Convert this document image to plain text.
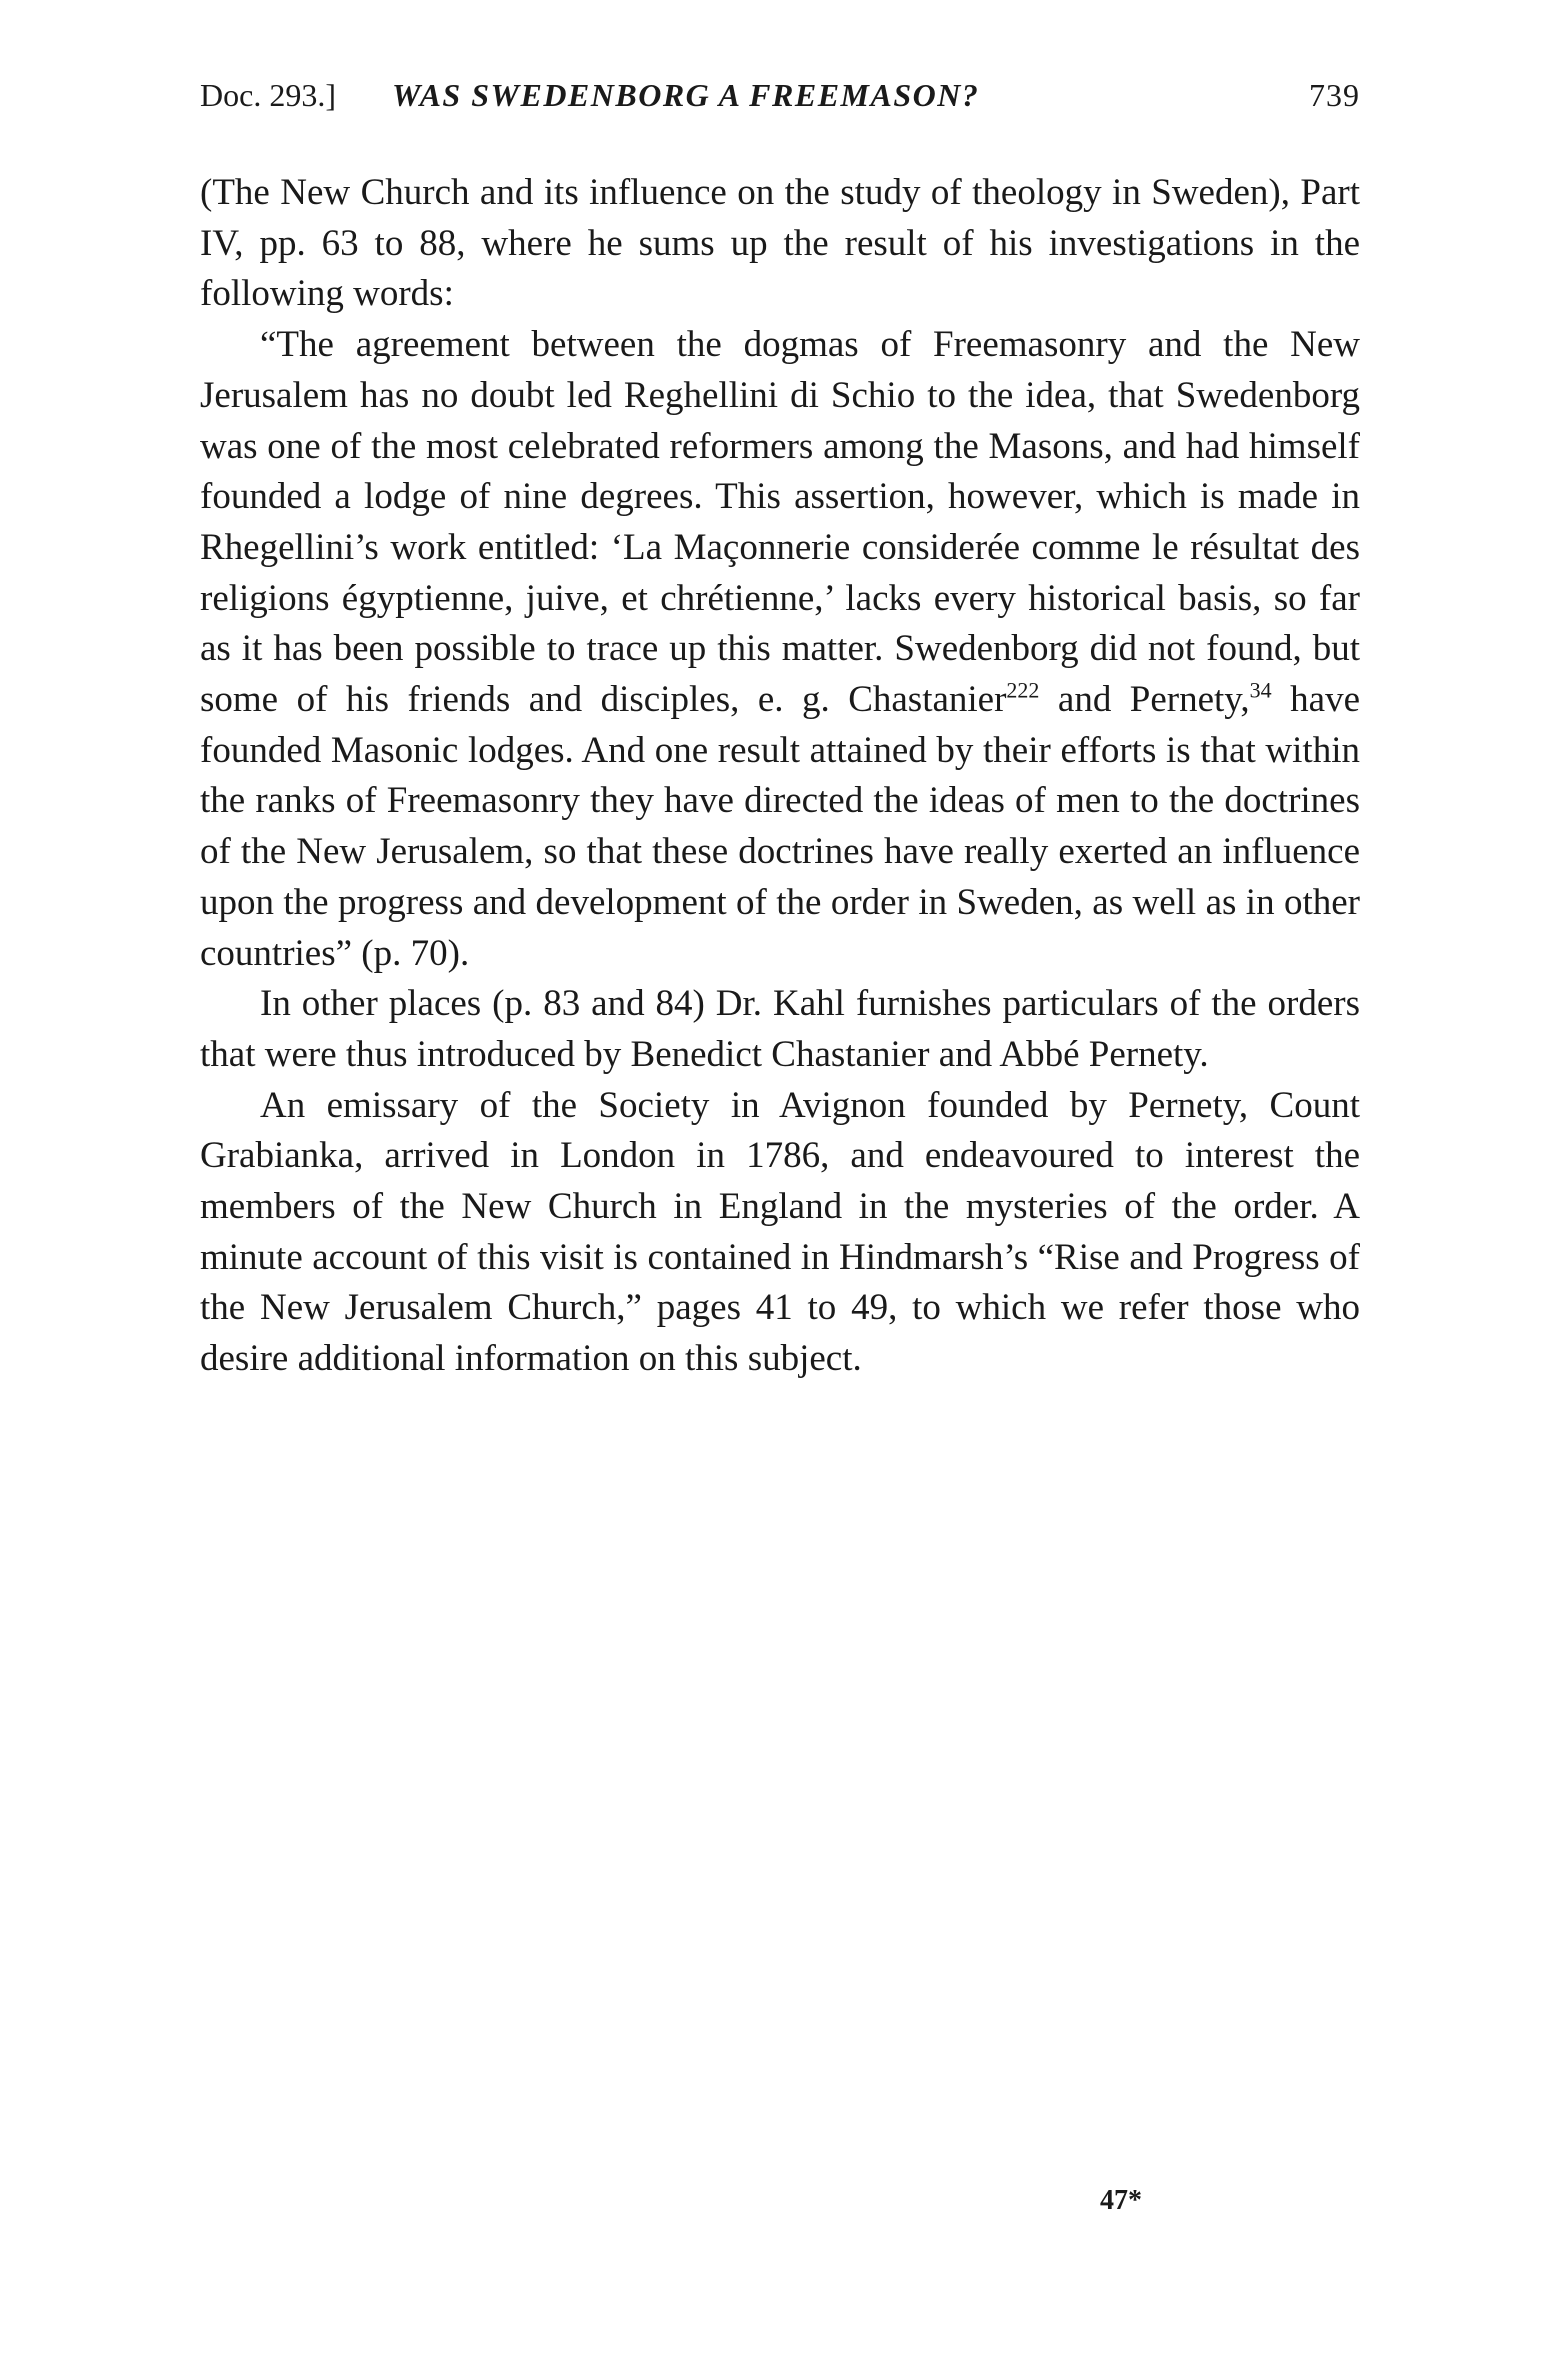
Doc. 293.] WAS SWEDENBORG A FREEMASON?	739

(The New Church and its influence on the study of theology in Sweden), Part IV, pp. 63 to 88, where he sums up the result of his investigations in the following words:

“The agreement between the dogmas of Freemasonry and the New Jerusalem has no doubt led Reghellini di Schio to the idea, that Swedenborg was one of the most celebrated reformers among the Masons, and had himself founded a lodge of nine degrees. This assertion, however, which is made in Rhegellini’s work entitled: ‘La Maçonnerie considerée comme le résultat des religions égyptienne, juive, et chrétienne,’ lacks every historical basis, so far as it has been possible to trace up this matter. Swedenborg did not found, but some of his friends and disciples, e. g. Chastanier$^{222}$ and Pernety,$^{34}$ have founded Masonic lodges. And one result attained by their efforts is that within the ranks of Freemasonry they have directed the ideas of men to the doctrines of the New Jerusalem, so that these doctrines have really exerted an influence upon the progress and development of the order in Sweden, as well as in other countries” (p. 70).

In other places (p. 83 and 84) Dr. Kahl furnishes particulars of the orders that were thus introduced by Benedict Chastanier and Abbé Pernety.

An emissary of the Society in Avignon founded by Pernety, Count Grabianka, arrived in London in 1786, and endeavoured to interest the members of the New Church in England in the mysteries of the order. A minute account of this visit is contained in Hindmarsh’s “Rise and Progress of the New Jerusalem Church,” pages 41 to 49, to which we refer those who desire additional information on this subject.

47*
